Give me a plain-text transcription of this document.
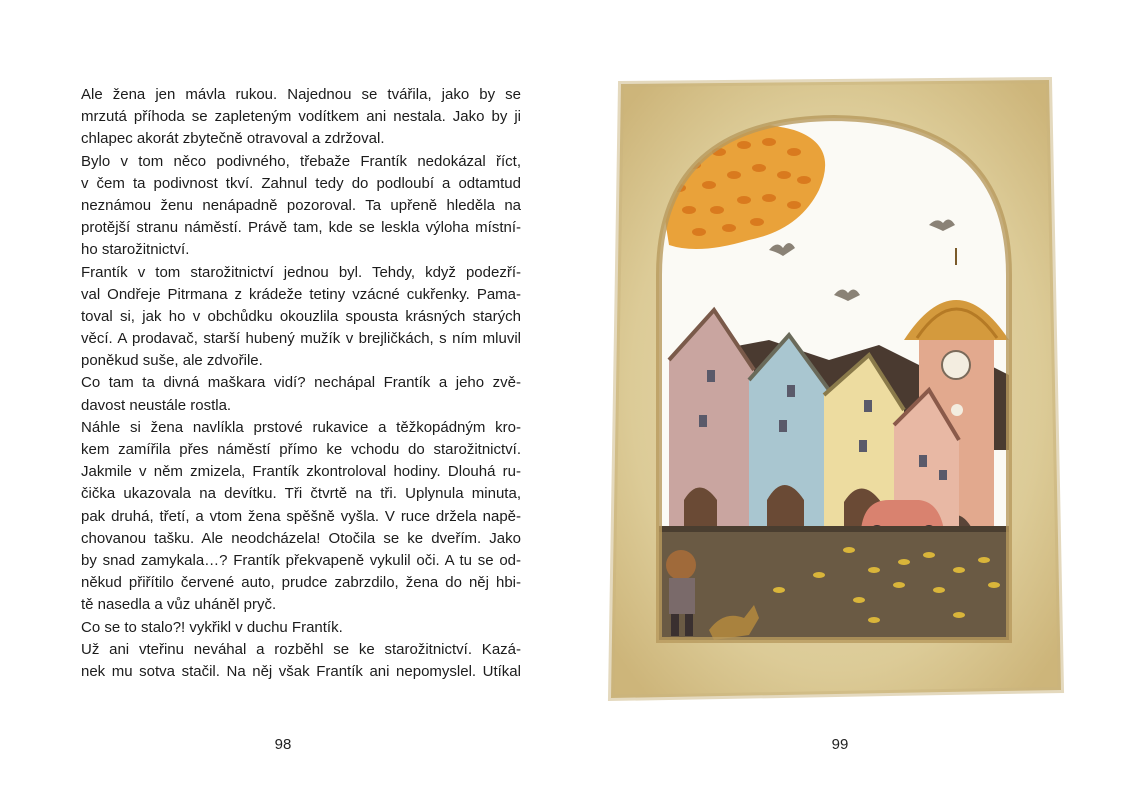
Ale žena jen mávla rukou. Najednou se tvářila, jako by se
mrzutá příhoda se zapleteným vodítkem ani nestala. Jako by ji
chlapec akorát zbytečně otravoval a zdržoval.
Bylo v tom něco podivného, třebaže Frantík nedokázal říct,
v čem ta podivnost tkví. Zahnul tedy do podloubí a odtamtud
neznámou ženu nenápadně pozoroval. Ta upřeně hleděla na
protější stranu náměstí. Právě tam, kde se leskla výloha místní-
ho starožitnictví.
Frantík v tom starožitnictví jednou byl. Tehdy, když podezří-
val Ondřeje Pitrmana z krádeže tetiny vzácné cukřenky. Pama-
toval si, jak ho v obchůdku okouzlila spousta krásných starých
věcí. A prodavač, starší hubený mužík v brejličkách, s ním mluvil
poněkud suše, ale zdvořile.
Co tam ta divná maškara vidí? nechápal Frantík a jeho zvě-
davost neustále rostla.
Náhle si žena navlíkla prstové rukavice a těžkopádným kro-
kem zamířila přes náměstí přímo ke vchodu do starožitnictví.
Jakmile v něm zmizela, Frantík zkontroloval hodiny. Dlouhá ru-
čička ukazovala na devítku. Tři čtvrtě na tři. Uplynula minuta,
pak druhá, třetí, a vtom žena spěšně vyšla. V ruce držela napě-
chovanou tašku. Ale neodcházela! Otočila se ke dveřím. Jako
by snad zamykala…? Frantík překvapeně vykulil oči. A tu se od-
někud přiřítilo červené auto, prudce zabrzdilo, žena do něj hbi-
tě nasedla a vůz uháněl pryč.
Co se to stalo?! vykřikl v duchu Frantík.
Už ani vteřinu neváhal a rozběhl se ke starožitnictví. Kazá-
nek mu sotva stačil. Na něj však Frantík ani nepomyslel. Utíkal
98	99
